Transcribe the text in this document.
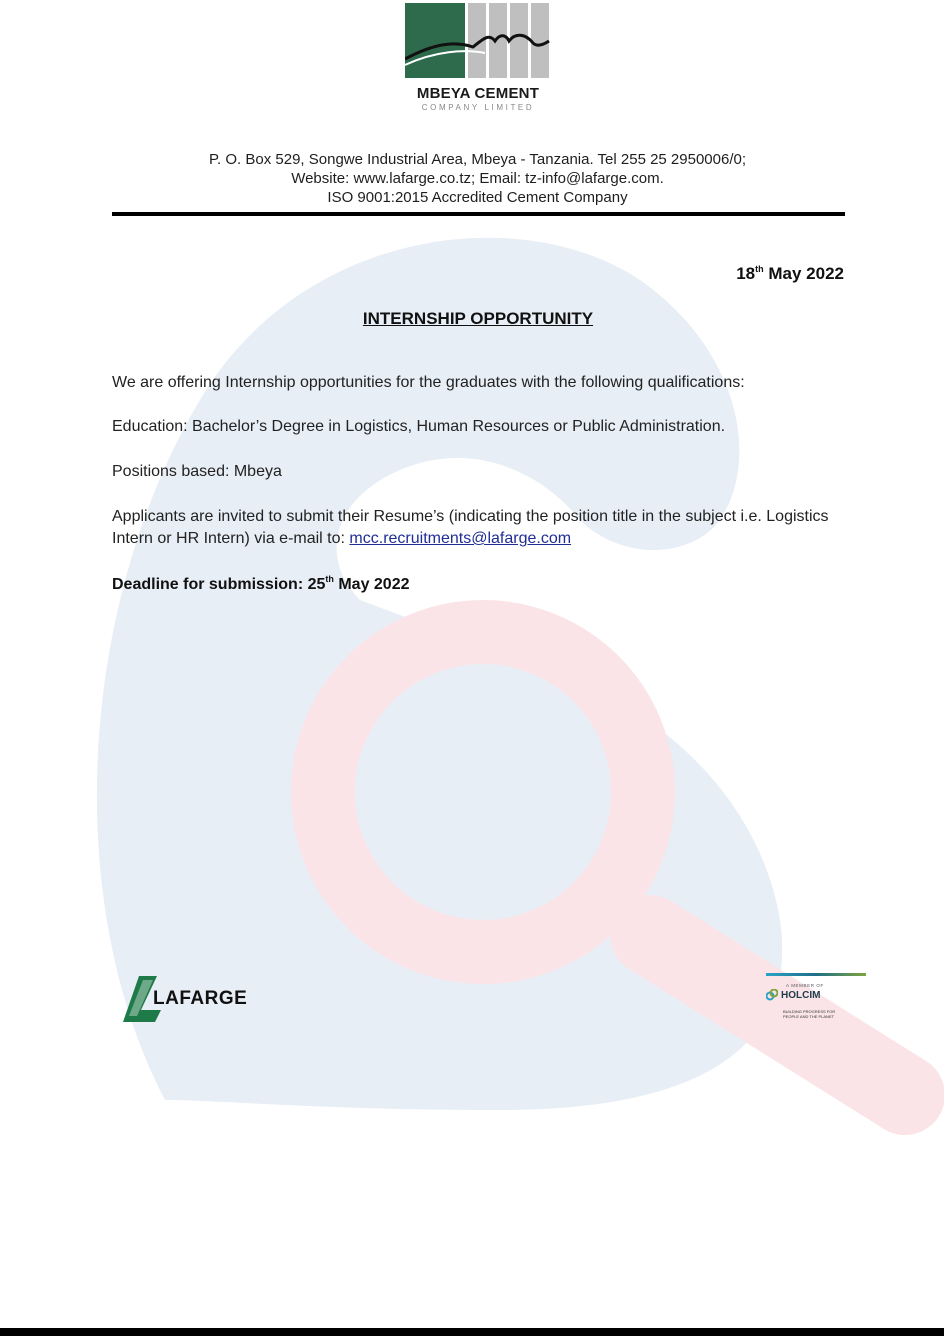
MBEYA CEMENT
COMPANY LIMITED
P. O. Box 529, Songwe Industrial Area, Mbeya - Tanzania. Tel 255 25 2950006/0;
Website: www.lafarge.co.tz; Email: tz-info@lafarge.com.
ISO 9001:2015 Accredited Cement Company
18th May 2022
INTERNSHIP OPPORTUNITY
We are offering Internship opportunities for the graduates with the following qualifications:
Education: Bachelor’s Degree in Logistics, Human Resources or Public Administration.
Positions based: Mbeya
Applicants are invited to submit their Resume’s (indicating the position title in the subject i.e. Logistics
Intern or HR Intern) via e-mail to: mcc.recruitments@lafarge.com
Deadline for submission: 25th May 2022
LAFARGE
A MEMBER OF
HOLCIM
BUILDING PROGRESS FOR
PEOPLE AND THE PLANET
